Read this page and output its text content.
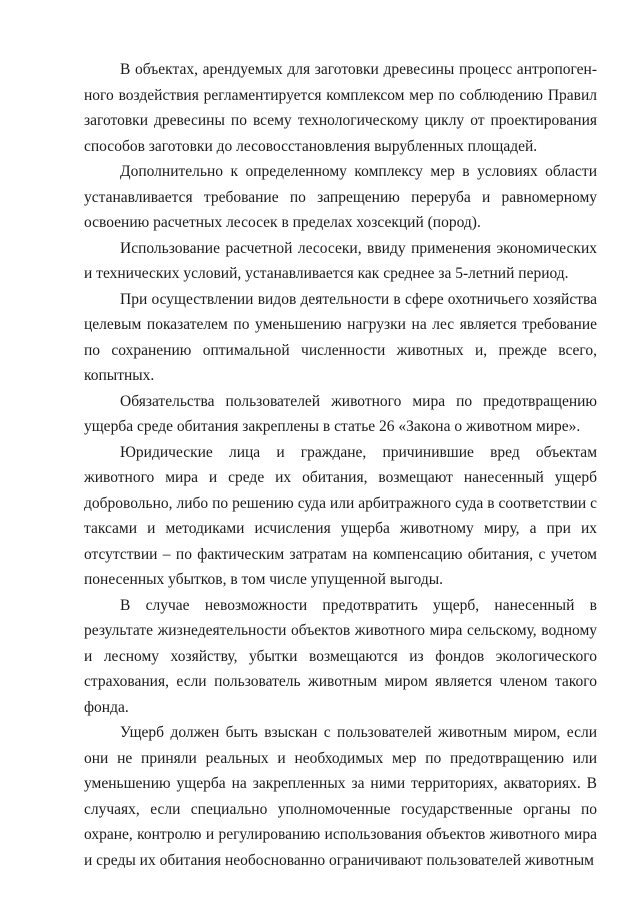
В объектах, арендуемых для заготовки древесины процесс антропогенного воздействия регламентируется комплексом мер по соблюдению Правил заготовки древесины по всему технологическому циклу от проектирования способов заготовки до лесовосстановления вырубленных площадей.

Дополнительно к определенному комплексу мер в условиях области устанавливается требование по запрещению переруба и равномерному освоению расчетных лесосек в пределах хозсекций (пород).

Использование расчетной лесосеки, ввиду применения экономических и технических условий, устанавливается как среднее за 5-летний период.

При осуществлении видов деятельности в сфере охотничьего хозяйства целевым показателем по уменьшению нагрузки на лес является требование по сохранению оптимальной численности животных и, прежде всего, копытных.

Обязательства пользователей животного мира по предотвращению ущерба среде обитания закреплены в статье 26 «Закона о животном мире».

Юридические лица и граждане, причинившие вред объектам животного мира и среде их обитания, возмещают нанесенный ущерб добровольно, либо по решению суда или арбитражного суда в соответствии с таксами и методиками исчисления ущерба животному миру, а при их отсутствии – по фактическим затратам на компенсацию обитания, с учетом понесенных убытков, в том числе упущенной выгоды.

В случае невозможности предотвратить ущерб, нанесенный в результате жизнедеятельности объектов животного мира сельскому, водному и лесному хозяйству, убытки возмещаются из фондов экологического страхования, если пользователь животным миром является членом такого фонда.

Ущерб должен быть взыскан с пользователей животным миром, если они не приняли реальных и необходимых мер по предотвращению или уменьшению ущерба на закрепленных за ними территориях, акваториях. В случаях, если специально уполномоченные государственные органы по охране, контролю и регулированию использования объектов животного мира и среды их обитания необоснованно ограничивают пользователей животным
